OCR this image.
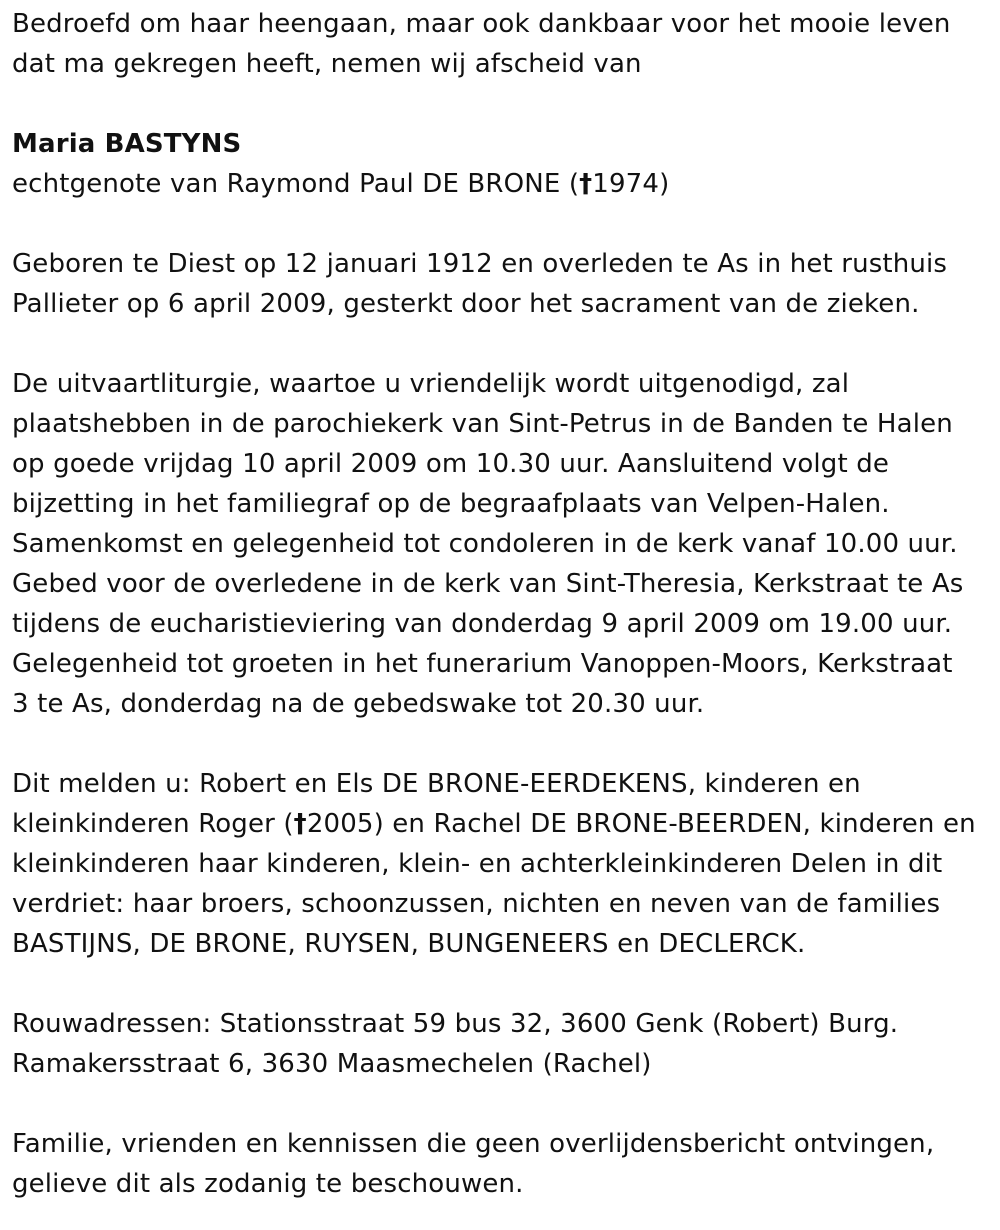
Bedroefd om haar heengaan, maar ook dankbaar voor het mooie leven
dat ma gekregen heeft, nemen wij afscheid van

Maria BASTYNS

echtgenote van Raymond Paul DE BRONE (†1974)

Geboren te Diest op 12 januari 1912 en overleden te As in het rusthuis
Pallieter op 6 april 2009, gesterkt door het sacrament van de zieken.

De uitvaartliturgie, waartoe u vriendelijk wordt uitgenodigd, zal
plaatshebben in de parochiekerk van Sint-Petrus in de Banden te Halen
op goede vrijdag 10 april 2009 om 10.30 uur. Aansluitend volgt de
bijzetting in het familiegraf op de begraafplaats van Velpen-Halen.
Samenkomst en gelegenheid tot condoleren in de kerk vanaf 10.00 uur.
Gebed voor de overledene in de kerk van Sint-Theresia, Kerkstraat te As
tijdens de eucharistieviering van donderdag 9 april 2009 om 19.00 uur.
Gelegenheid tot groeten in het funerarium Vanoppen-Moors, Kerkstraat
3 te As, donderdag na de gebedswake tot 20.30 uur.

Dit melden u: Robert en Els DE BRONE-EERDEKENS, kinderen en
kleinkinderen Roger (†2005) en Rachel DE BRONE-BEERDEN, kinderen en
kleinkinderen haar kinderen, klein- en achterkleinkinderen Delen in dit
verdriet: haar broers, schoonzussen, nichten en neven van de families
BASTIJNS, DE BRONE, RUYSEN, BUNGENEERS en DECLERCK.

Rouwadressen: Stationsstraat 59 bus 32, 3600 Genk (Robert) Burg.
Ramakersstraat 6, 3630 Maasmechelen (Rachel)

Familie, vrienden en kennissen die geen overlijdensbericht ontvingen,
gelieve dit als zodanig te beschouwen.
